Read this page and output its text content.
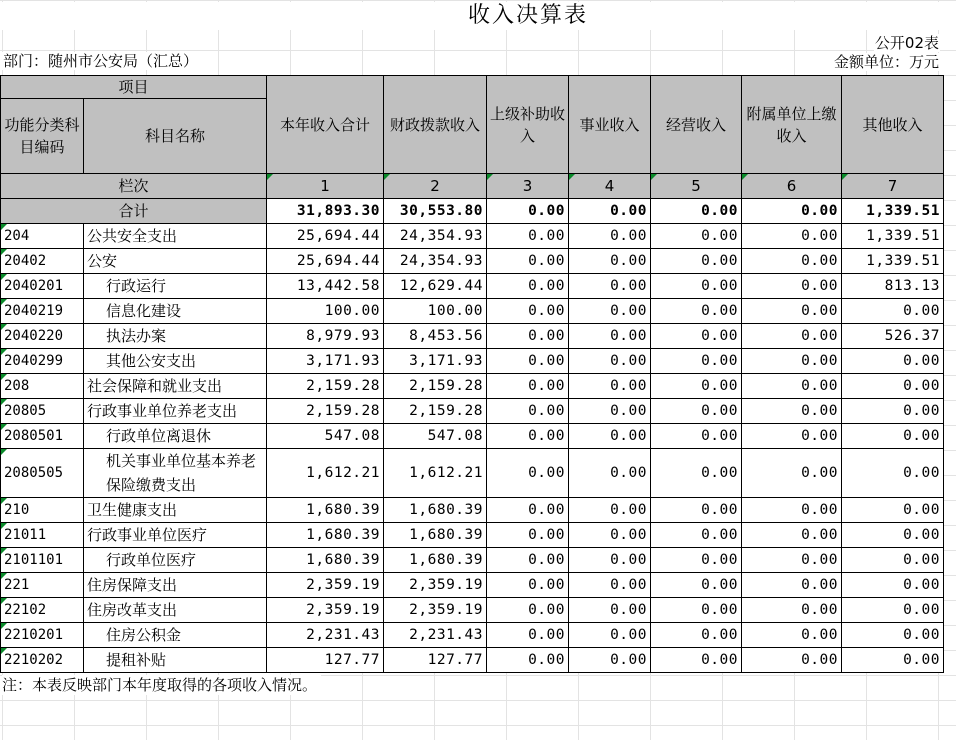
收入决算表
公开02表
部门：随州市公安局（汇总）	金额单位：万元
项目		本年收入合计	财政拨款收入	上级补助收入	事业收入	经营收入	附属单位上缴收入	其他收入
功能分类科目编码	科目名称							
栏次		1	2	3	4	5	6	7
合计		31,893.30	30,553.80	0.00	0.00	0.00	0.00	1,339.51
204	公共安全支出	25,694.44	24,354.93	0.00	0.00	0.00	0.00	1,339.51
20402	公安	25,694.44	24,354.93	0.00	0.00	0.00	0.00	1,339.51
2040201	行政运行	13,442.58	12,629.44	0.00	0.00	0.00	0.00	813.13
2040219	信息化建设	100.00	100.00	0.00	0.00	0.00	0.00	0.00
2040220	执法办案	8,979.93	8,453.56	0.00	0.00	0.00	0.00	526.37
2040299	其他公安支出	3,171.93	3,171.93	0.00	0.00	0.00	0.00	0.00
208	社会保障和就业支出	2,159.28	2,159.28	0.00	0.00	0.00	0.00	0.00
20805	行政事业单位养老支出	2,159.28	2,159.28	0.00	0.00	0.00	0.00	0.00
2080501	行政单位离退休	547.08	547.08	0.00	0.00	0.00	0.00	0.00
2080505	机关事业单位基本养老保险缴费支出	1,612.21	1,612.21	0.00	0.00	0.00	0.00	0.00
210	卫生健康支出	1,680.39	1,680.39	0.00	0.00	0.00	0.00	0.00
21011	行政事业单位医疗	1,680.39	1,680.39	0.00	0.00	0.00	0.00	0.00
2101101	行政单位医疗	1,680.39	1,680.39	0.00	0.00	0.00	0.00	0.00
221	住房保障支出	2,359.19	2,359.19	0.00	0.00	0.00	0.00	0.00
22102	住房改革支出	2,359.19	2,359.19	0.00	0.00	0.00	0.00	0.00
2210201	住房公积金	2,231.43	2,231.43	0.00	0.00	0.00	0.00	0.00
2210202	提租补贴	127.77	127.77	0.00	0.00	0.00	0.00	0.00
注：本表反映部门本年度取得的各项收入情况。
